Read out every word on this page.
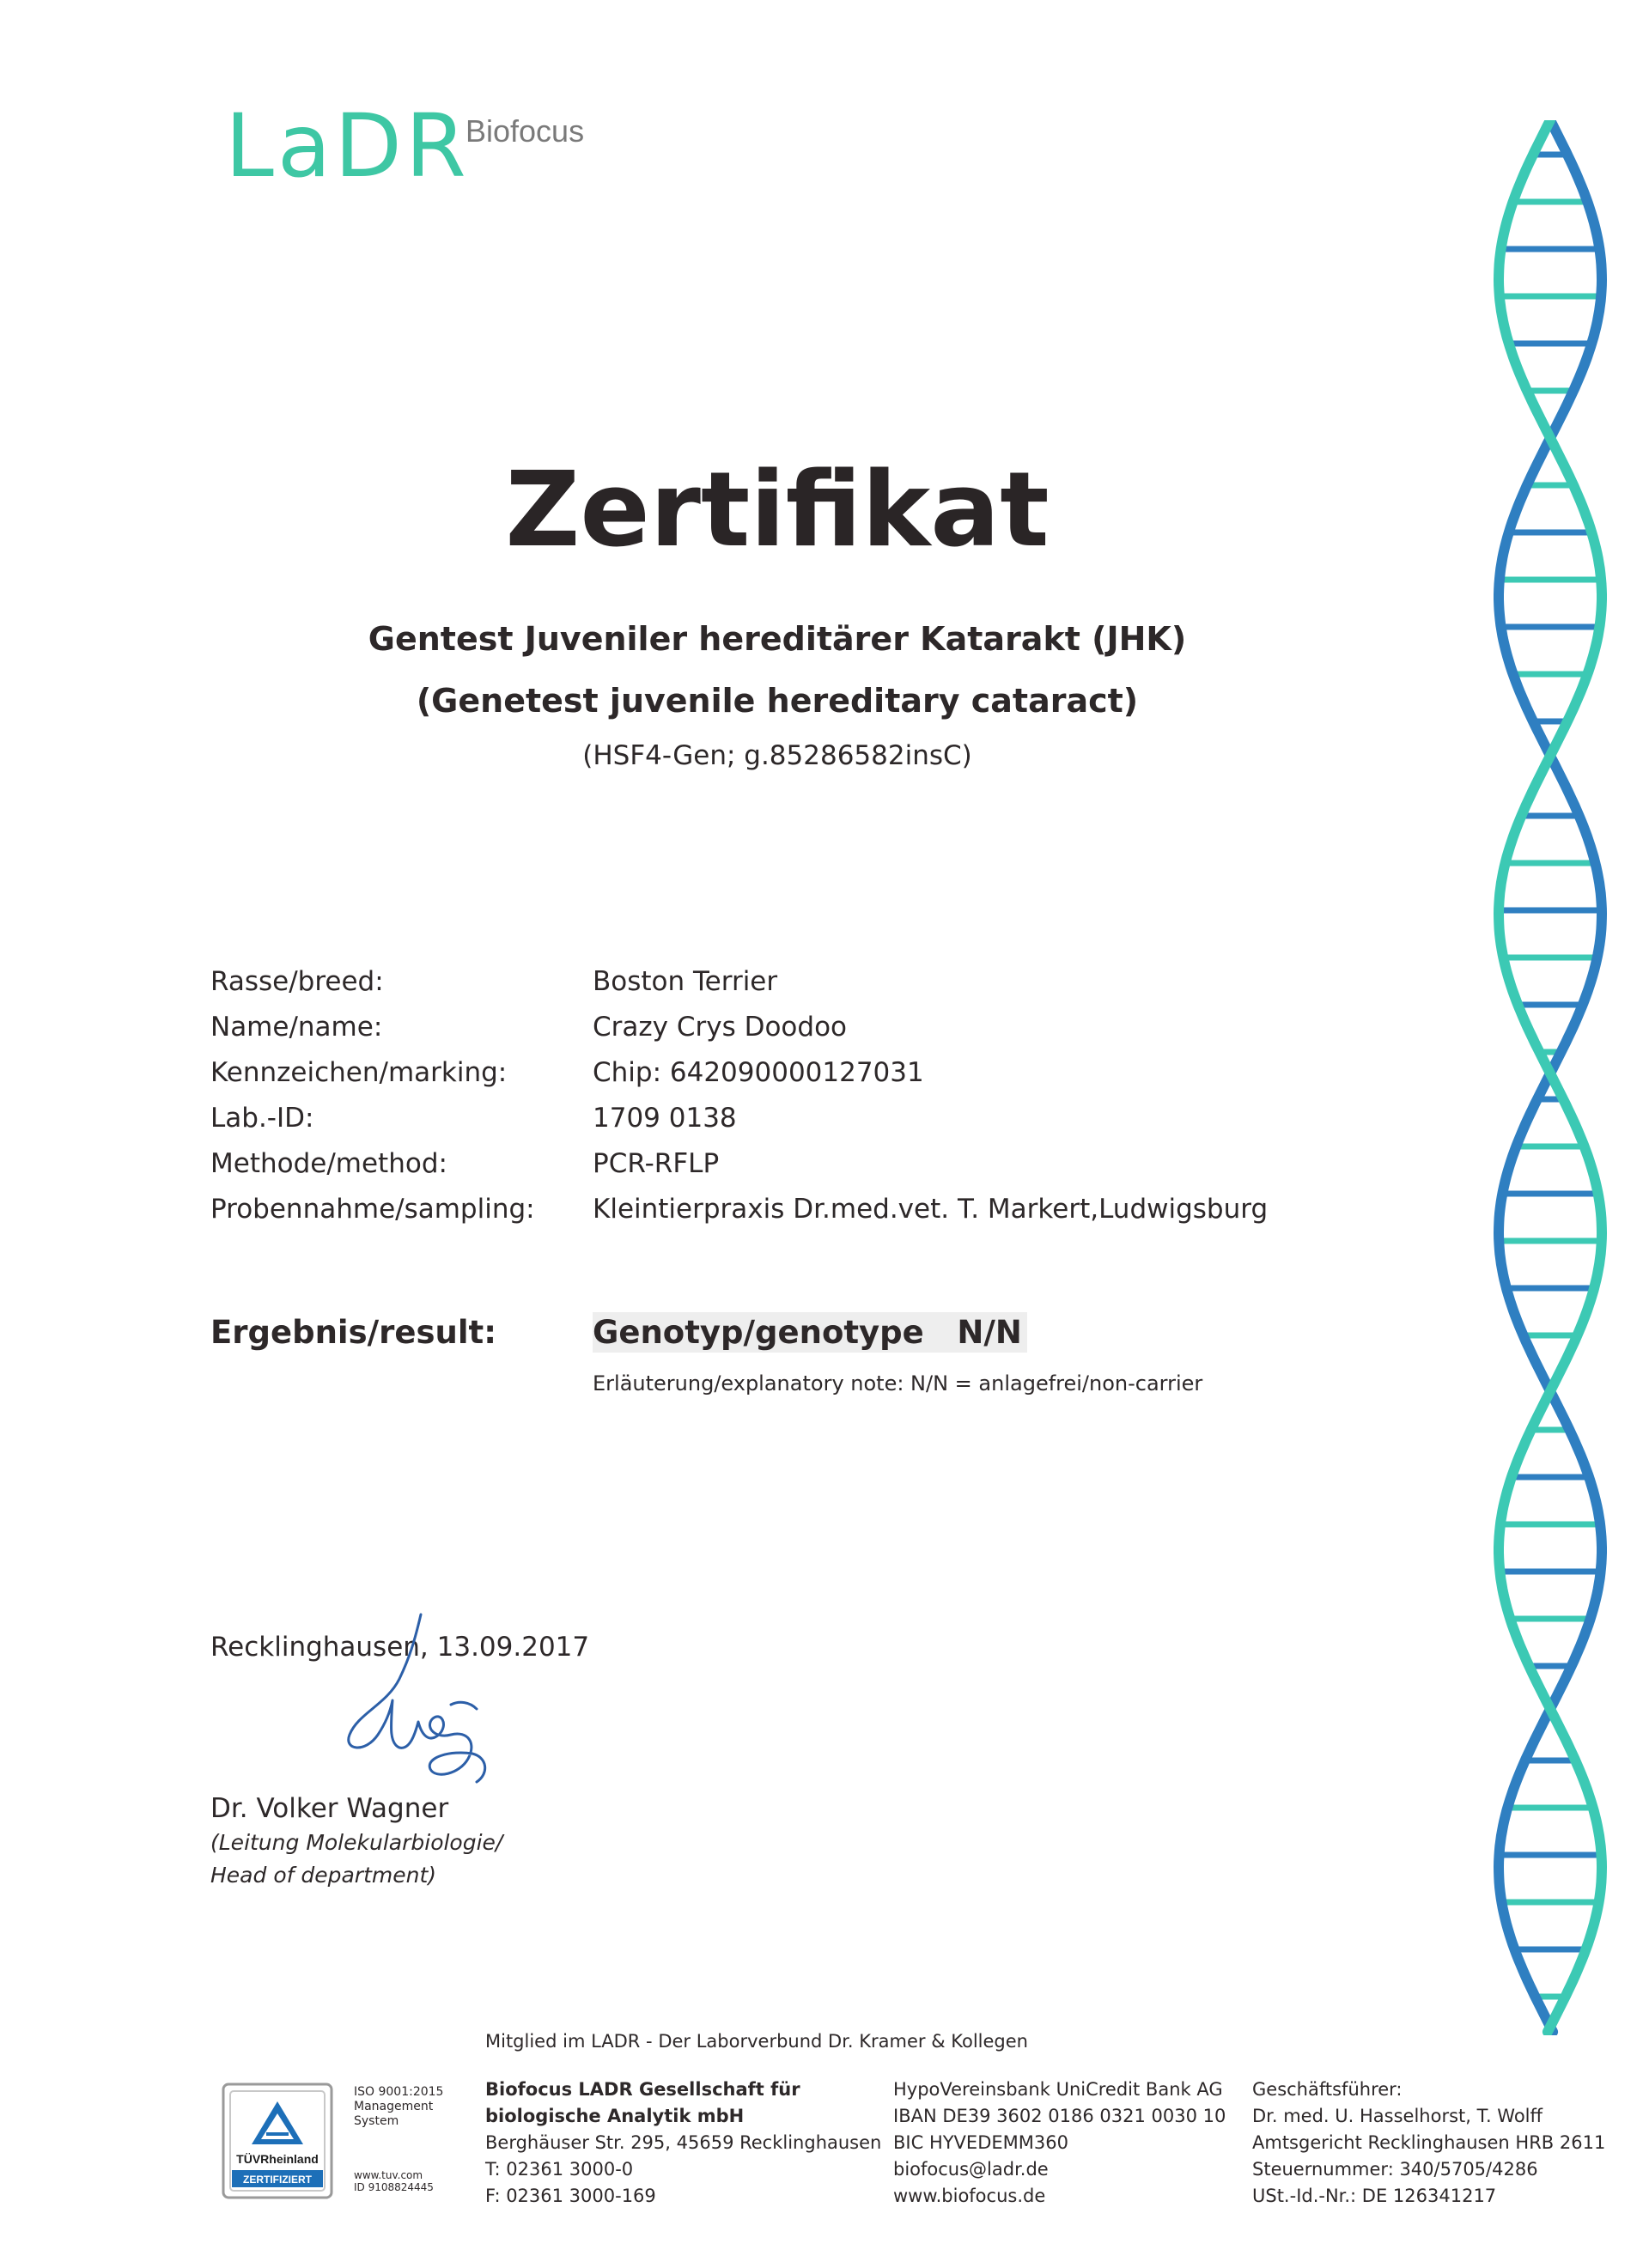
LaDR
Biofocus
Zertifikat
Gentest Juveniler hereditärer Katarakt (JHK)
(Genetest juvenile hereditary cataract)
(HSF4-Gen; g.85286582insC)
Rasse/breed:	Boston Terrier
Name/name:	Crazy Crys Doodoo
Kennzeichen/marking:	Chip: 642090000127031
Lab.-ID:	1709 0138
Methode/method:	PCR-RFLP
Probennahme/sampling: Kleintierpraxis Dr.med.vet. T. Markert,Ludwigsburg
Ergebnis/result:	Genotyp/genotype   N/N
Erläuterung/explanatory note: N/N = anlagefrei/non-carrier
Recklinghausen, 13.09.2017
Dr. Volker Wagner
(Leitung Molekularbiologie/
Head of department)
Mitglied im LADR - Der Laborverbund Dr. Kramer & Kollegen
TÜVRheinland
ZERTIFIZIERT
ISO 9001:2015
Management
System
www.tuv.com
ID 9108824445
Biofocus LADR Gesellschaft für
biologische Analytik mbH
Berghäuser Str. 295, 45659 Recklinghausen
T: 02361 3000-0
F: 02361 3000-169
HypoVereinsbank UniCredit Bank AG
IBAN DE39 3602 0186 0321 0030 10
BIC HYVEDEMM360
biofocus@ladr.de
www.biofocus.de
Geschäftsführer:
Dr. med. U. Hasselhorst, T. Wolff
Amtsgericht Recklinghausen HRB 2611
Steuernummer: 340/5705/4286
USt.-Id.-Nr.: DE 126341217
